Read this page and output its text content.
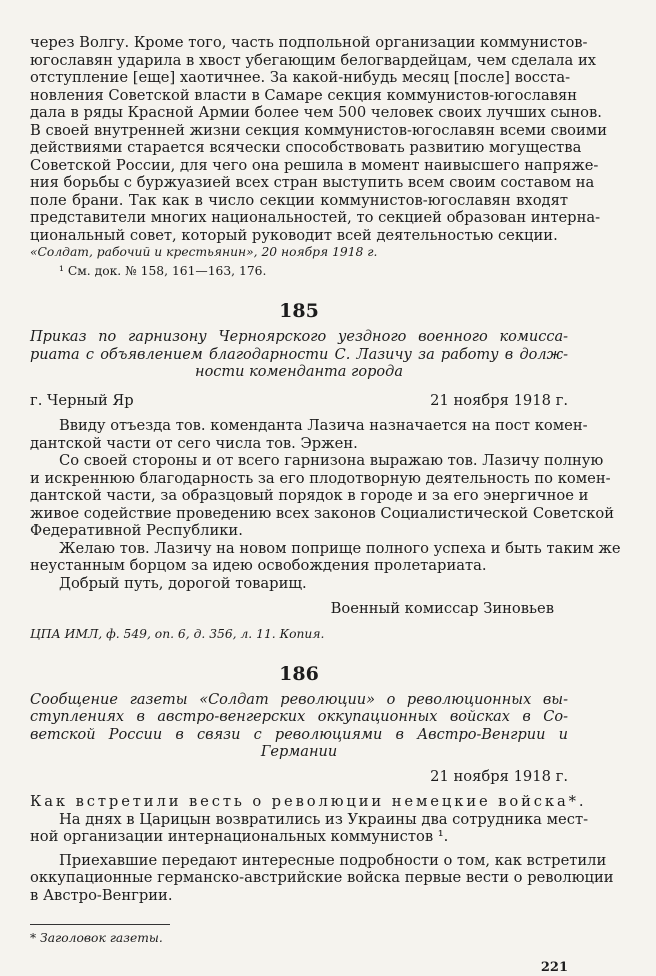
через Волгу. Кроме того, часть подпольной организации коммунистов-
югославян ударила в хвост убегающим белогвардейцам, чем сделала их
отступление [еще] хаотичнее. За какой-нибудь месяц [после] восста-
новления Советской власти в Самаре секция коммунистов-югославян
дала в ряды Красной Армии более чем 500 человек своих лучших сынов.
В своей внутренней жизни секция коммунистов-югославян всеми своими
действиями старается всячески способствовать развитию могущества
Советской России, для чего она решила в момент наивысшего напряже-
ния борьбы с буржуазией всех стран выступить всем своим составом на
поле брани. Так как в число секции коммунистов-югославян входят
представители многих национальностей, то секцией образован интерна-
циональный совет, который руководит всей деятельностью секции.
«Солдат, рабочий и крестьянин», 20 ноября 1918 г.
¹ См. док. № 158, 161—163, 176.
185
Приказ по гарнизону Черноярского уездного военного комисса-
риата с объявлением благодарности С. Лазичу за работу в долж-
ности коменданта города
г. Черный Яр	21 ноября 1918 г.
Ввиду отъезда тов. коменданта Лазича назначается на пост комен-
дантской части от сего числа тов. Эржен.
Со своей стороны и от всего гарнизона выражаю тов. Лазичу полную
и искреннюю благодарность за его плодотворную деятельность по комен-
дантской части, за образцовый порядок в городе и за его энергичное и
живое содействие проведению всех законов Социалистической Советской
Федеративной Республики.
Желаю тов. Лазичу на новом поприще полного успеха и быть таким же
неустанным борцом за идею освобождения пролетариата.
Добрый путь, дорогой товарищ.
Военный комиссар Зиновьев
ЦПА ИМЛ, ф. 549, оп. 6, д. 356, л. 11. Копия.
186
Сообщение газеты «Солдат революции» о революционных вы-
ступлениях в австро-венгерских оккупационных войсках в Со-
ветской России в связи с революциями в Австро-Венгрии и
Германии
21 ноября 1918 г.
Как встретили весть о революции немецкие войска*.
На днях в Царицын возвратились из Украины два сотрудника мест-
ной организации интернациональных коммунистов ¹.
Приехавшие передают интересные подробности о том, как встретили
оккупационные германско-австрийские войска первые вести о революции
в Австро-Венгрии.
* Заголовок газеты.
221
